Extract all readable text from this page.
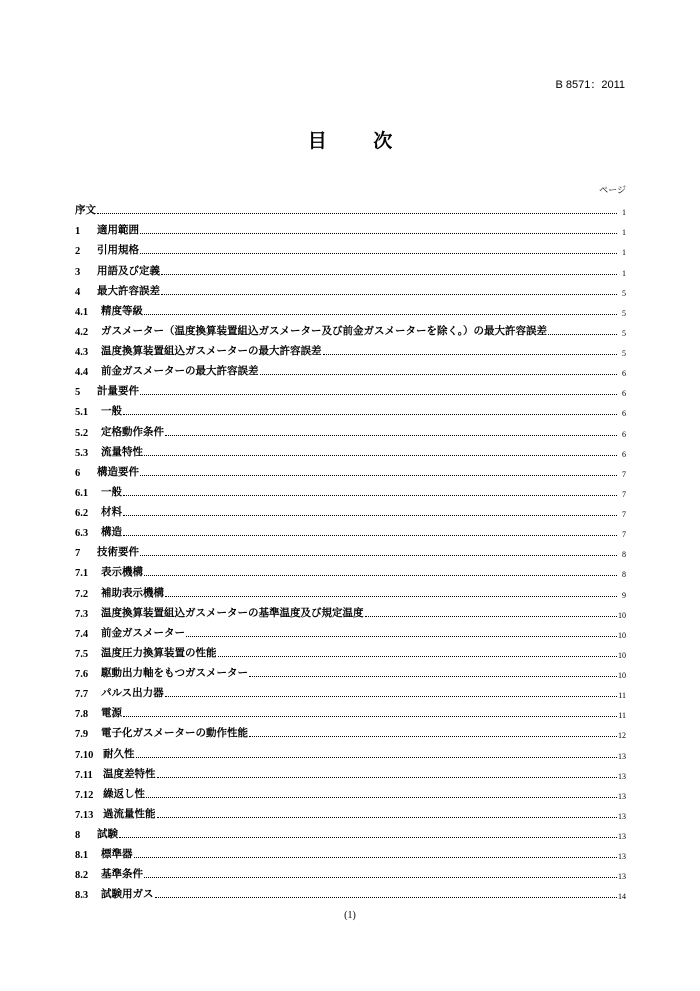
B 8571：2011
目 次
ページ
序文	1
1	適用範囲	1
2	引用規格	1
3	用語及び定義	1
4	最大許容誤差	5
4.1	精度等級	5
4.2	ガスメーター（温度換算装置組込ガスメーター及び前金ガスメーターを除く。）の最大許容誤差	5
4.3	温度換算装置組込ガスメーターの最大許容誤差	5
4.4	前金ガスメーターの最大許容誤差	6
5	計量要件	6
5.1	一般	6
5.2	定格動作条件	6
5.3	流量特性	6
6	構造要件	7
6.1	一般	7
6.2	材料	7
6.3	構造	7
7	技術要件	8
7.1	表示機構	8
7.2	補助表示機構	9
7.3	温度換算装置組込ガスメーターの基準温度及び規定温度	10
7.4	前金ガスメーター	10
7.5	温度圧力換算装置の性能	10
7.6	駆動出力軸をもつガスメーター	10
7.7	パルス出力器	11
7.8	電源	11
7.9	電子化ガスメーターの動作性能	12
7.10 耐久性	13
7.11 温度差特性	13
7.12 繰返し性	13
7.13 過流量性能	13
8	試験	13
8.1	標準器	13
8.2	基準条件	13
8.3	試験用ガス	14
(1)
